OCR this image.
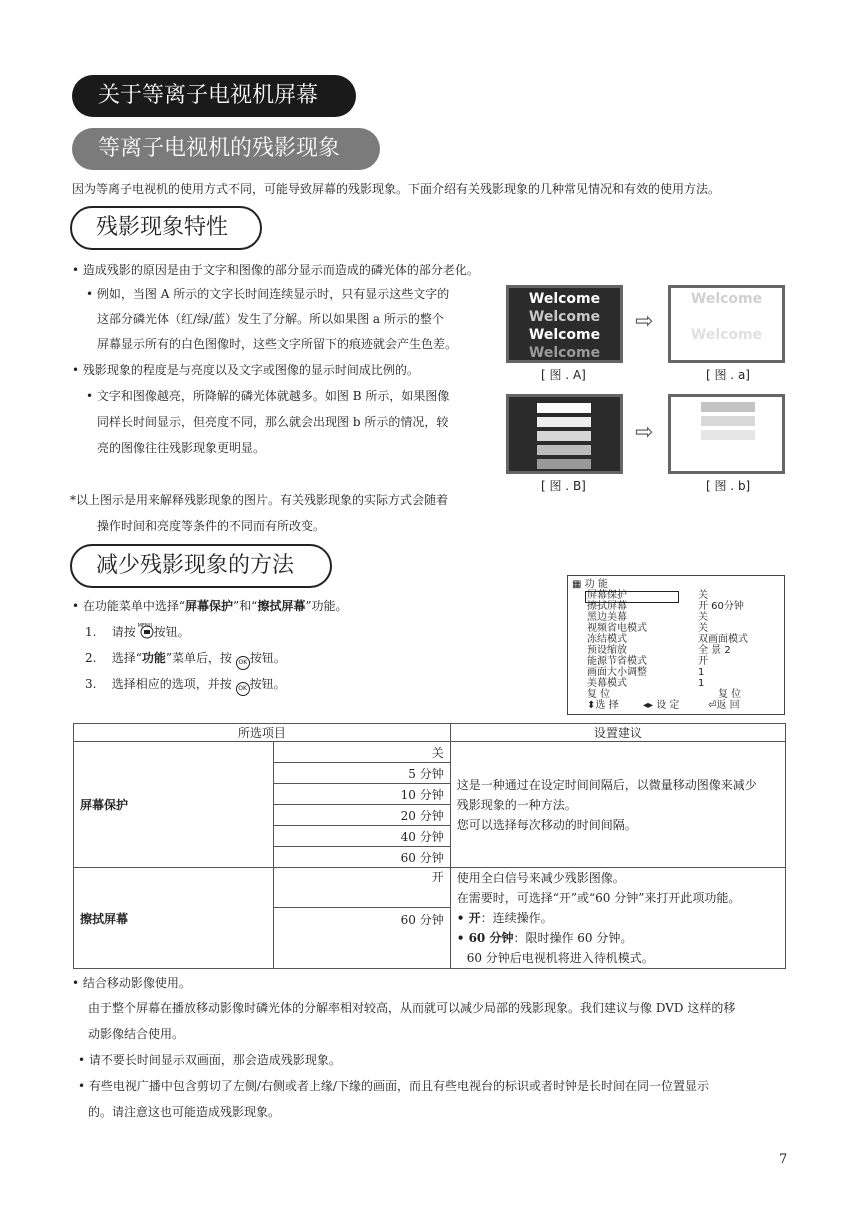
关于等离子电视机屏幕
等离子电视机的残影现象
因为等离子电视机的使用方式不同，可能导致屏幕的残影现象。下面介绍有关残影现象的几种常见情况和有效的使用方法。
残影现象特性
• 造成残影的原因是由于文字和图像的部分显示而造成的磷光体的部分老化。
• 例如，当图 A 所示的文字长时间连续显示时，只有显示这些文字的
这部分磷光体（红/绿/蓝）发生了分解。所以如果图 a 所示的整个
屏幕显示所有的白色图像时，这些文字所留下的痕迹就会产生色差。
• 残影现象的程度是与亮度以及文字或图像的显示时间成比例的。
• 文字和图像越亮，所降解的磷光体就越多。如图 B 所示，如果图像
同样长时间显示，但亮度不同，那么就会出现图 b 所示的情况，较
亮的图像往往残影现象更明显。
*以上图示是用来解释残影现象的图片。有关残影现象的实际方式会随着
操作时间和亮度等条件的不同而有所改变。
Welcome
Welcome
Welcome
Welcome
⇨
Welcome
Welcome
[ 图 . A]	[ 图 . a]
⇨
[ 图 . B]	[ 图 . b]
减少残影现象的方法
• 在功能菜单中选择“屏幕保护”和“擦拭屏幕”功能。
1. 请按 MENU 按钮。
2. 选择“功能”菜单后，按 OK 按钮。
3. 选择相应的选项，并按 OK 按钮。
▦ 功 能
屏幕保护	关
擦拭屏幕	开 60分钟
黑边美幕	关
视频省电模式	关
冻结模式	双画面模式
预设缩放	全 景 2
能源节省模式	开
画面大小调整	1
美幕模式	1
复 位	复 位
⬍选 择 ◂▸ 设 定	⏎返 回
所选项目		设置建议
屏幕保护	关	这是一种通过在设定时间间隔后，以微量移动图像来减少
残影现象的一种方法。
您可以选择每次移动的时间间隔。

	5 分钟	
	10 分钟	
	20 分钟	
	40 分钟	
	60 分钟	
擦拭屏幕	开	使用全白信号来减少残影图像。
在需要时，可选择“开”或“60 分钟”来打开此项功能。
• 开：连续操作。
• 60 分钟：限时操作 60 分钟。
60 分钟后电视机将进入待机模式。

	60 分钟	
• 结合移动影像使用。
由于整个屏幕在播放移动影像时磷光体的分解率相对较高，从而就可以减少局部的残影现象。我们建议与像 DVD 这样的移
动影像结合使用。
• 请不要长时间显示双画面，那会造成残影现象。
• 有些电视广播中包含剪切了左侧/右侧或者上缘/下缘的画面，而且有些电视台的标识或者时钟是长时间在同一位置显示
的。请注意这也可能造成残影现象。
7
